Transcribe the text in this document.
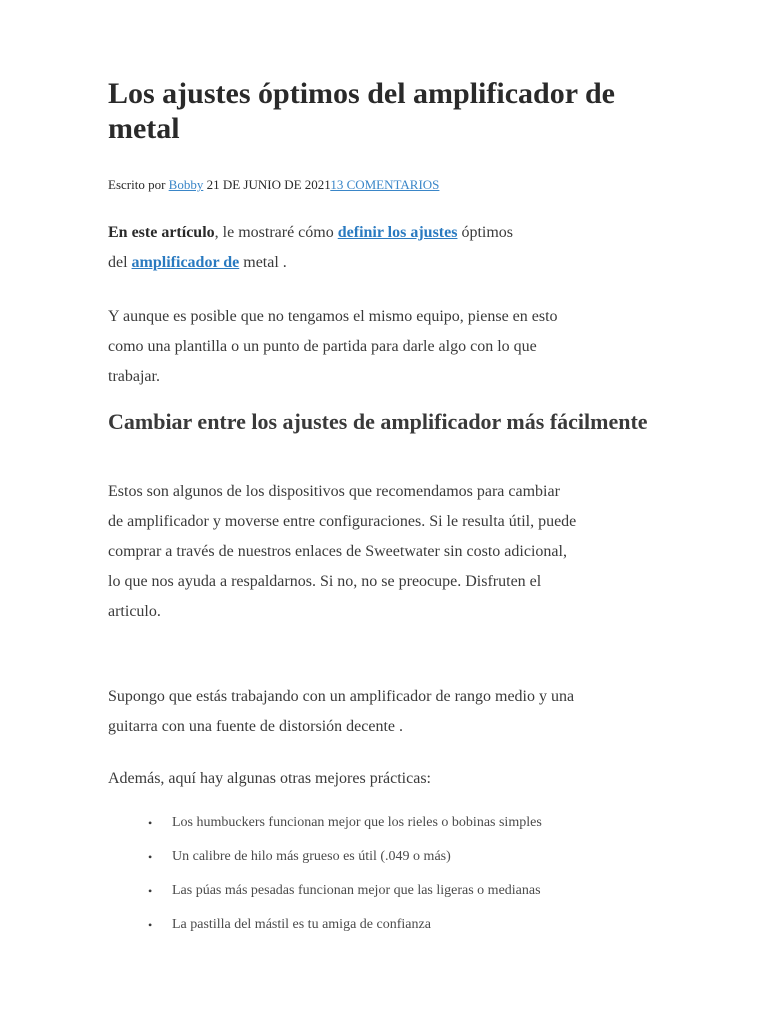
Los ajustes óptimos del amplificador de metal

Escrito por Bobby 21 DE JUNIO DE 202113 COMENTARIOS

En este artículo, le mostraré cómo definir los ajustes óptimos
del amplificador de metal .

Y aunque es posible que no tengamos el mismo equipo, piense en esto
como una plantilla o un punto de partida para darle algo con lo que
trabajar.

Cambiar entre los ajustes de amplificador más fácilmente

Estos son algunos de los dispositivos que recomendamos para cambiar
de amplificador y moverse entre configuraciones. Si le resulta útil, puede
comprar a través de nuestros enlaces de Sweetwater sin costo adicional,
lo que nos ayuda a respaldarnos. Si no, no se preocupe. Disfruten el
articulo.

Supongo que estás trabajando con un amplificador de rango medio y una
guitarra con una fuente de distorsión decente .

Además, aquí hay algunas otras mejores prácticas:

• Los humbuckers funcionan mejor que los rieles o bobinas simples
• Un calibre de hilo más grueso es útil (.049 o más)
• Las púas más pesadas funcionan mejor que las ligeras o medianas
• La pastilla del mástil es tu amiga de confianza
